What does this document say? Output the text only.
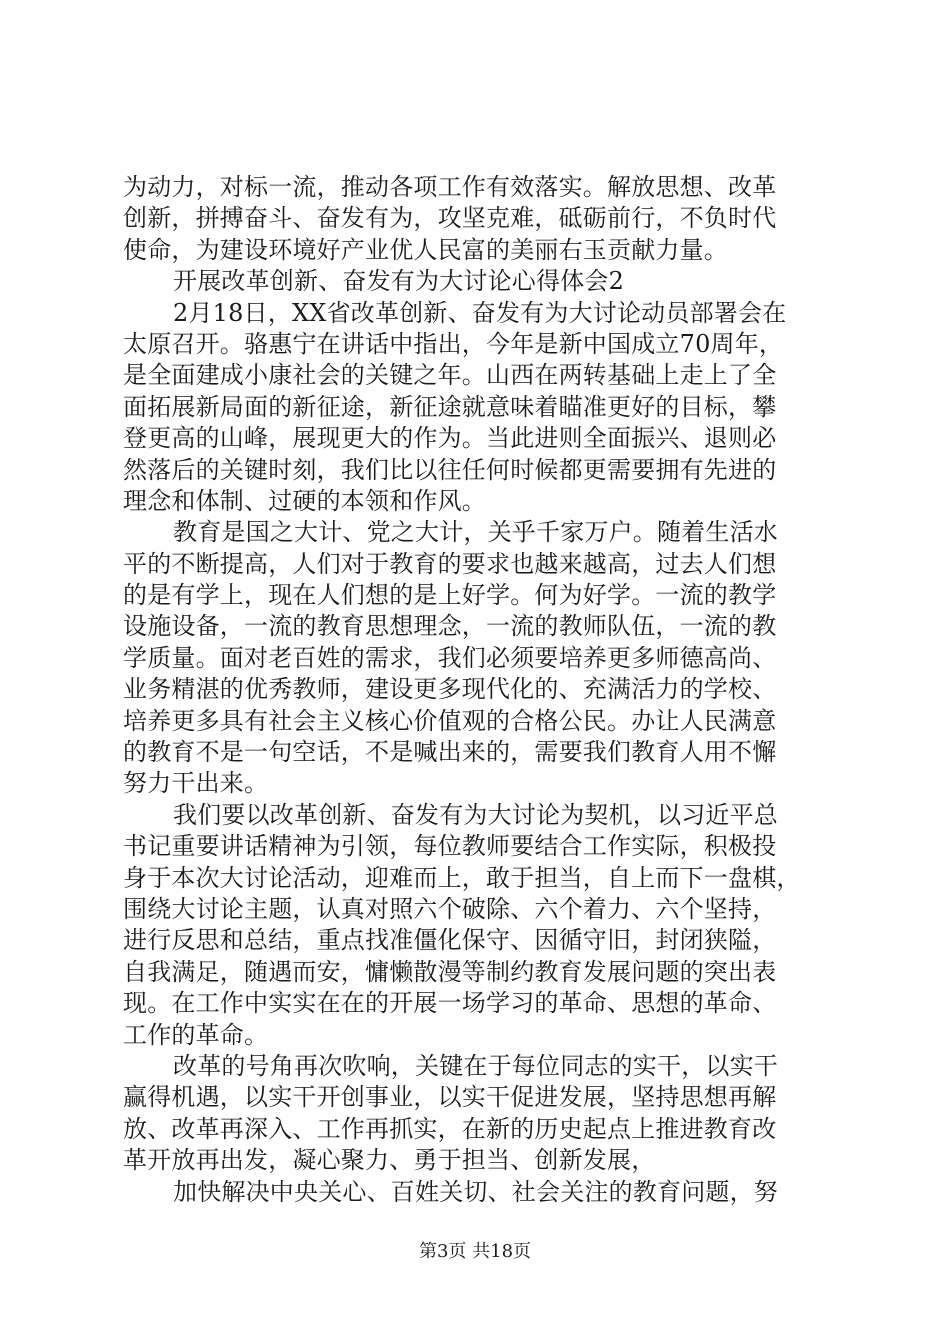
为动力，对标一流，推动各项工作有效落实。解放思想、改革
创新，拼搏奋斗、奋发有为，攻坚克难，砥砺前行，不负时代
使命，为建设环境好产业优人民富的美丽右玉贡献力量。
开展改革创新、奋发有为大讨论心得体会2
2月18日，XX省改革创新、奋发有为大讨论动员部署会在
太原召开。骆惠宁在讲话中指出，今年是新中国成立70周年，
是全面建成小康社会的关键之年。山西在两转基础上走上了全
面拓展新局面的新征途，新征途就意味着瞄准更好的目标，攀
登更高的山峰，展现更大的作为。当此进则全面振兴、退则必
然落后的关键时刻，我们比以往任何时候都更需要拥有先进的
理念和体制、过硬的本领和作风。
教育是国之大计、党之大计，关乎千家万户。随着生活水
平的不断提高，人们对于教育的要求也越来越高，过去人们想
的是有学上，现在人们想的是上好学。何为好学。一流的教学
设施设备，一流的教育思想理念，一流的教师队伍，一流的教
学质量。面对老百姓的需求，我们必须要培养更多师德高尚、
业务精湛的优秀教师，建设更多现代化的、充满活力的学校、
培养更多具有社会主义核心价值观的合格公民。办让人民满意
的教育不是一句空话，不是喊出来的，需要我们教育人用不懈
努力干出来。
我们要以改革创新、奋发有为大讨论为契机，以习近平总
书记重要讲话精神为引领，每位教师要结合工作实际，积极投
身于本次大讨论活动，迎难而上，敢于担当，自上而下一盘棋，
围绕大讨论主题，认真对照六个破除、六个着力、六个坚持，
进行反思和总结，重点找准僵化保守、因循守旧，封闭狭隘，
自我满足，随遇而安，慵懒散漫等制约教育发展问题的突出表
现。在工作中实实在在的开展一场学习的革命、思想的革命、
工作的革命。
改革的号角再次吹响，关键在于每位同志的实干，以实干
赢得机遇，以实干开创事业，以实干促进发展，坚持思想再解
放、改革再深入、工作再抓实，在新的历史起点上推进教育改
革开放再出发，凝心聚力、勇于担当、创新发展，
加快解决中央关心、百姓关切、社会关注的教育问题，努
第3页 共18页
